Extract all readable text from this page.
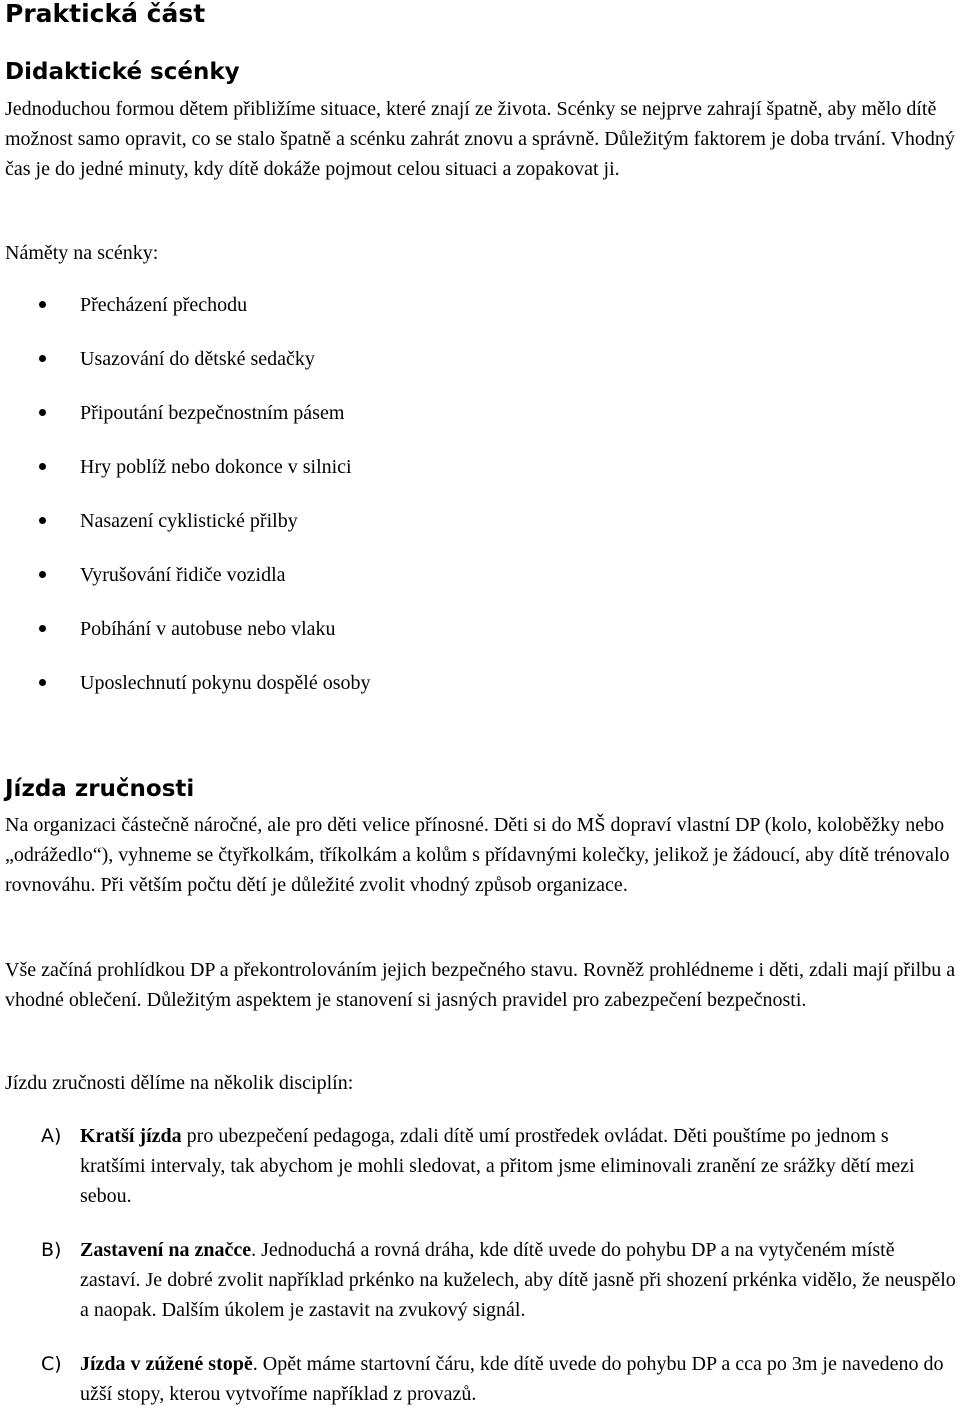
Praktická část
Didaktické scénky

Jednoduchou formou dětem přibližíme situace, které znají ze života. Scénky se nejprve zahrají špatně, aby mělo dítě možnost samo opravit, co se stalo špatně a scénku zahrát znovu a správně. Důležitým faktorem je doba trvání. Vhodný čas je do jedné minuty, kdy dítě dokáže pojmout celou situaci a zopakovat ji.

Náměty na scénky:

Přecházení přechodu
Usazování do dětské sedačky
Připoutání bezpečnostním pásem
Hry poblíž nebo dokonce v silnici
Nasazení cyklistické přilby
Vyrušování řidiče vozidla
Pobíhání v autobuse nebo vlaku
Uposlechnutí pokynu dospělé osoby
Jízda zručnosti

Na organizaci částečně náročné, ale pro děti velice přínosné. Děti si do MŠ dopraví vlastní DP (kolo, koloběžky nebo „odrážedlo“), vyhneme se čtyřkolkám, tříkolkám a kolům s přídavnými kolečky, jelikož je žádoucí, aby dítě trénovalo rovnováhu. Při větším počtu dětí je důležité zvolit vhodný způsob organizace.

Vše začíná prohlídkou DP a překontrolováním jejich bezpečného stavu. Rovněž prohlédneme i děti, zdali mají přilbu a vhodné oblečení. Důležitým aspektem je stanovení si jasných pravidel pro zabezpečení bezpečnosti.

Jízdu zručnosti dělíme na několik disciplín:

A) Kratší jízda pro ubezpečení pedagoga, zdali dítě umí prostředek ovládat. Děti pouštíme po jednom s kratšími intervaly, tak abychom je mohli sledovat, a přitom jsme eliminovali zranění ze srážky dětí mezi sebou.
B) Zastavení na značce. Jednoduchá a rovná dráha, kde dítě uvede do pohybu DP a na vytyčeném místě zastaví. Je dobré zvolit například prkénko na kuželech, aby dítě jasně při shození prkénka vidělo, že neuspělo a naopak. Dalším úkolem je zastavit na zvukový signál.
C) Jízda v zúžené stopě. Opět máme startovní čáru, kde dítě uvede do pohybu DP a cca po 3m je navedeno do užší stopy, kterou vytvoříme například z provazů.
